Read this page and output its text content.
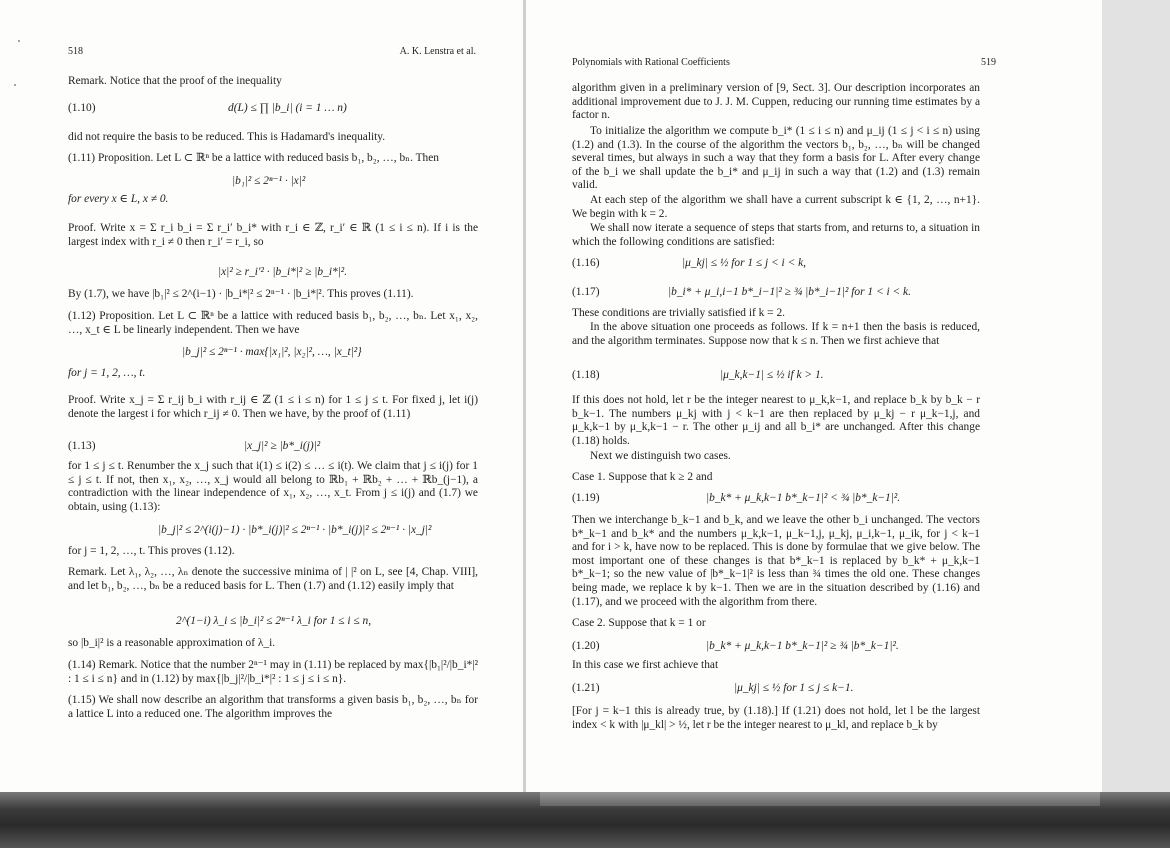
518	A. K. Lenstra et al.

Remark. Notice that the proof of the inequality

(1.10)	d(L) ≤ ∏ |b_i| (i = 1 … n)

did not require the basis to be reduced. This is Hadamard's inequality.

(1.11) Proposition. Let L ⊂ ℝⁿ be a lattice with reduced basis b₁, b₂, …, bₙ. Then

|b₁|² ≤ 2ⁿ⁻¹ · |x|²

for every x ∈ L, x ≠ 0.

Proof. Write x = Σ r_i b_i = Σ r_i′ b_i* with r_i ∈ ℤ, r_i′ ∈ ℝ (1 ≤ i ≤ n). If i is the largest index with r_i ≠ 0 then r_i′ = r_i, so

|x|² ≥ r_i′² · |b_i*|² ≥ |b_i*|².

By (1.7), we have |b₁|² ≤ 2^(i−1) · |b_i*|² ≤ 2ⁿ⁻¹ · |b_i*|². This proves (1.11).

(1.12) Proposition. Let L ⊂ ℝⁿ be a lattice with reduced basis b₁, b₂, …, bₙ. Let x₁, x₂, …, x_t ∈ L be linearly independent. Then we have

|b_j|² ≤ 2ⁿ⁻¹ · max{|x₁|², |x₂|², …, |x_t|²}

for j = 1, 2, …, t.

Proof. Write x_j = Σ r_ij b_i with r_ij ∈ ℤ (1 ≤ i ≤ n) for 1 ≤ j ≤ t. For fixed j, let i(j) denote the largest i for which r_ij ≠ 0. Then we have, by the proof of (1.11)

(1.13)	|x_j|² ≥ |b*_i(j)|²

for 1 ≤ j ≤ t. Renumber the x_j such that i(1) ≤ i(2) ≤ … ≤ i(t). We claim that j ≤ i(j) for 1 ≤ j ≤ t. If not, then x₁, x₂, …, x_j would all belong to ℝb₁ + ℝb₂ + … + ℝb_(j−1), a contradiction with the linear independence of x₁, x₂, …, x_t. From j ≤ i(j) and (1.7) we obtain, using (1.13):

|b_j|² ≤ 2^(i(j)−1) · |b*_i(j)|² ≤ 2ⁿ⁻¹ · |b*_i(j)|² ≤ 2ⁿ⁻¹ · |x_j|²

for j = 1, 2, …, t. This proves (1.12).

Remark. Let λ₁, λ₂, …, λₙ denote the successive minima of | |² on L, see [4, Chap. VIII], and let b₁, b₂, …, bₙ be a reduced basis for L. Then (1.7) and (1.12) easily imply that

2^(1−i) λ_i ≤ |b_i|² ≤ 2ⁿ⁻¹ λ_i for 1 ≤ i ≤ n,

so |b_i|² is a reasonable approximation of λ_i.

(1.14) Remark. Notice that the number 2ⁿ⁻¹ may in (1.11) be replaced by max{|b₁|²/|b_i*|² : 1 ≤ i ≤ n} and in (1.12) by max{|b_j|²/|b_i*|² : 1 ≤ j ≤ i ≤ n}.

(1.15) We shall now describe an algorithm that transforms a given basis b₁, b₂, …, bₙ for a lattice L into a reduced one. The algorithm improves the

Polynomials with Rational Coefficients	519

algorithm given in a preliminary version of [9, Sect. 3]. Our description incorporates an additional improvement due to J. J. M. Cuppen, reducing our running time estimates by a factor n.

To initialize the algorithm we compute b_i* (1 ≤ i ≤ n) and μ_ij (1 ≤ j < i ≤ n) using (1.2) and (1.3). In the course of the algorithm the vectors b₁, b₂, …, bₙ will be changed several times, but always in such a way that they form a basis for L. After every change of the b_i we shall update the b_i* and μ_ij in such a way that (1.2) and (1.3) remain valid.

At each step of the algorithm we shall have a current subscript k ∈ {1, 2, …, n+1}. We begin with k = 2.

We shall now iterate a sequence of steps that starts from, and returns to, a situation in which the following conditions are satisfied:

(1.16)	|μ_kj| ≤ ½ for 1 ≤ j < i < k,
(1.17)	|b_i* + μ_i,i−1 b*_i−1|² ≥ ¾ |b*_i−1|² for 1 < i < k.

These conditions are trivially satisfied if k = 2.

In the above situation one proceeds as follows. If k = n+1 then the basis is reduced, and the algorithm terminates. Suppose now that k ≤ n. Then we first achieve that

(1.18)	|μ_k,k−1| ≤ ½ if k > 1.

If this does not hold, let r be the integer nearest to μ_k,k−1, and replace b_k by b_k − r b_k−1. The numbers μ_kj with j < k−1 are then replaced by μ_kj − r μ_k−1,j, and μ_k,k−1 by μ_k,k−1 − r. The other μ_ij and all b_i* are unchanged. After this change (1.18) holds.

Next we distinguish two cases.

Case 1. Suppose that k ≥ 2 and

(1.19)	|b_k* + μ_k,k−1 b*_k−1|² < ¾ |b*_k−1|².

Then we interchange b_k−1 and b_k, and we leave the other b_i unchanged. The vectors b*_k−1 and b_k* and the numbers μ_k,k−1, μ_k−1,j, μ_kj, μ_i,k−1, μ_ik, for j < k−1 and for i > k, have now to be replaced. This is done by formulae that we give below. The most important one of these changes is that b*_k−1 is replaced by b_k* + μ_k,k−1 b*_k−1; so the new value of |b*_k−1|² is less than ¾ times the old one. These changes being made, we replace k by k−1. Then we are in the situation described by (1.16) and (1.17), and we proceed with the algorithm from there.

Case 2. Suppose that k = 1 or

(1.20)	|b_k* + μ_k,k−1 b*_k−1|² ≥ ¾ |b*_k−1|².

In this case we first achieve that

(1.21)	|μ_kj| ≤ ½ for 1 ≤ j ≤ k−1.

[For j = k−1 this is already true, by (1.18).] If (1.21) does not hold, let l be the largest index < k with |μ_kl| > ½, let r be the integer nearest to μ_kl, and replace b_k by
